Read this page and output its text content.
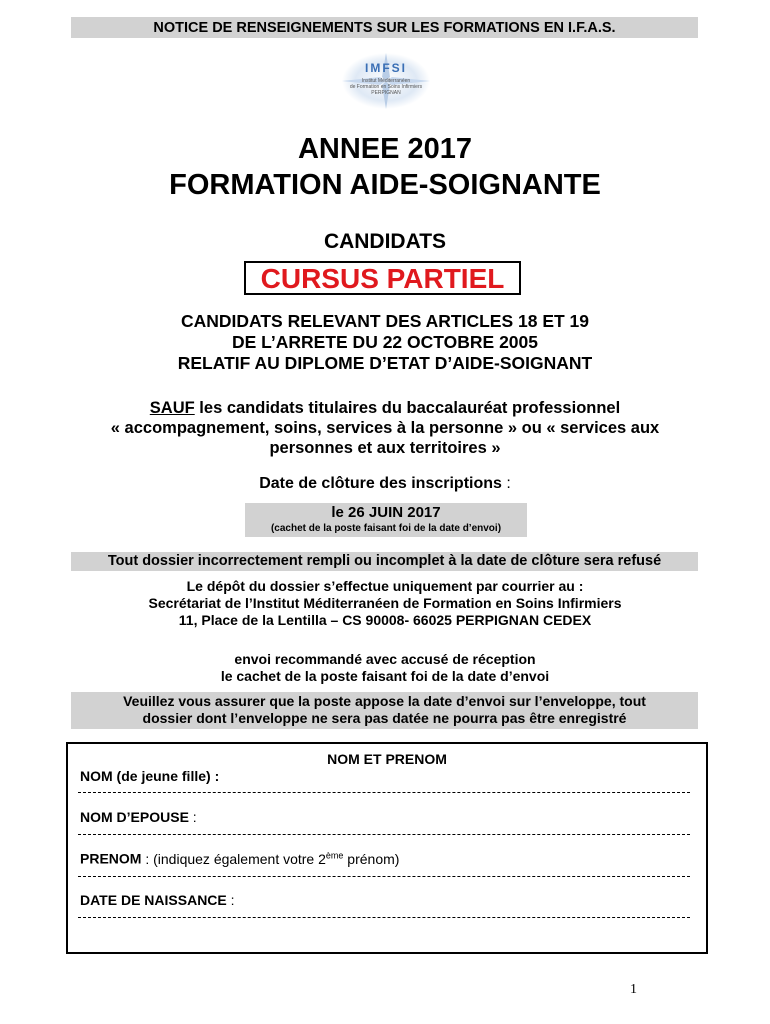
NOTICE DE RENSEIGNEMENTS SUR LES FORMATIONS EN I.F.A.S.
IMFSI
Institut Méditerranéen
de Formation en Soins Infirmiers
PERPIGNAN
ANNEE 2017
FORMATION AIDE-SOIGNANTE
CANDIDATS
CURSUS PARTIEL
CANDIDATS RELEVANT DES ARTICLES 18 ET 19
DE L’ARRETE DU 22 OCTOBRE 2005
RELATIF AU DIPLOME D’ETAT D’AIDE-SOIGNANT
SAUF les candidats titulaires du baccalauréat professionnel
« accompagnement, soins, services à la personne » ou « services aux
personnes et aux territoires »
Date de clôture des inscriptions :
le 26 JUIN 2017
(cachet de la poste faisant foi de la date d’envoi)
Tout dossier incorrectement rempli ou incomplet à la date de clôture sera refusé
Le dépôt du dossier s’effectue uniquement par courrier au :
Secrétariat de l’Institut Méditerranéen de Formation en Soins Infirmiers
11, Place de la Lentilla – CS 90008- 66025 PERPIGNAN CEDEX
envoi recommandé avec accusé de réception
le cachet de la poste faisant foi de la date d’envoi
Veuillez vous assurer que la poste appose la date d’envoi sur l’enveloppe, tout
dossier dont l’enveloppe ne sera pas datée ne pourra pas être enregistré
NOM ET PRENOM
NOM (de jeune fille) :
NOM D’EPOUSE :
PRENOM : (indiquez également votre 2ème prénom)
DATE DE NAISSANCE :
1
